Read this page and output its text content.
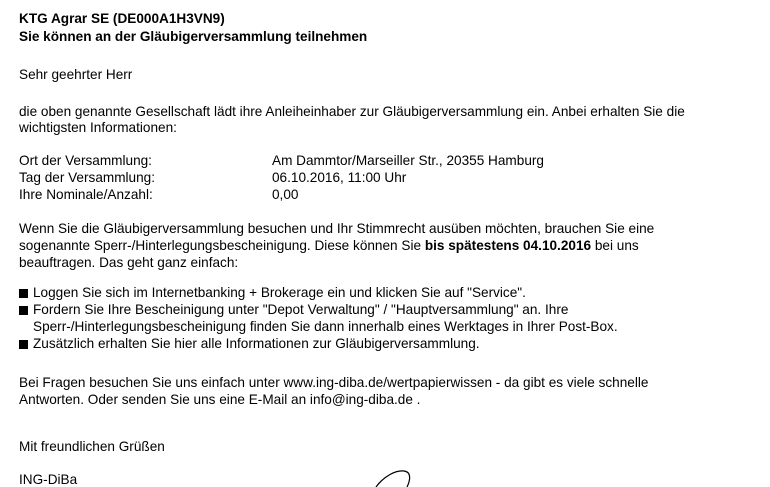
KTG Agrar SE (DE000A1H3VN9)
Sie können an der Gläubigerversammlung teilnehmen
Sehr geehrter Herr
die oben genannte Gesellschaft lädt ihre Anleiheinhaber zur Gläubigerversammlung ein. Anbei erhalten Sie die
wichtigsten Informationen:
Ort der Versammlung:	Am Dammtor/Marseiller Str., 20355 Hamburg
Tag der Versammlung:	06.10.2016, 11:00 Uhr
Ihre Nominale/Anzahl:	0,00
Wenn Sie die Gläubigerversammlung besuchen und Ihr Stimmrecht ausüben möchten, brauchen Sie eine
sogenannte Sperr-/Hinterlegungsbescheinigung. Diese können Sie bis spätestens 04.10.2016 bei uns
beauftragen. Das geht ganz einfach:
Loggen Sie sich im Internetbanking + Brokerage ein und klicken Sie auf "Service".
Fordern Sie Ihre Bescheinigung unter "Depot Verwaltung" / "Hauptversammlung" an. Ihre
Sperr-/Hinterlegungsbescheinigung finden Sie dann innerhalb eines Werktages in Ihrer Post-Box.
Zusätzlich erhalten Sie hier alle Informationen zur Gläubigerversammlung.
Bei Fragen besuchen Sie uns einfach unter www.ing-diba.de/wertpapierwissen - da gibt es viele schnelle
Antworten. Oder senden Sie uns eine E-Mail an info@ing-diba.de .
Mit freundlichen Grüßen
ING-DiBa
